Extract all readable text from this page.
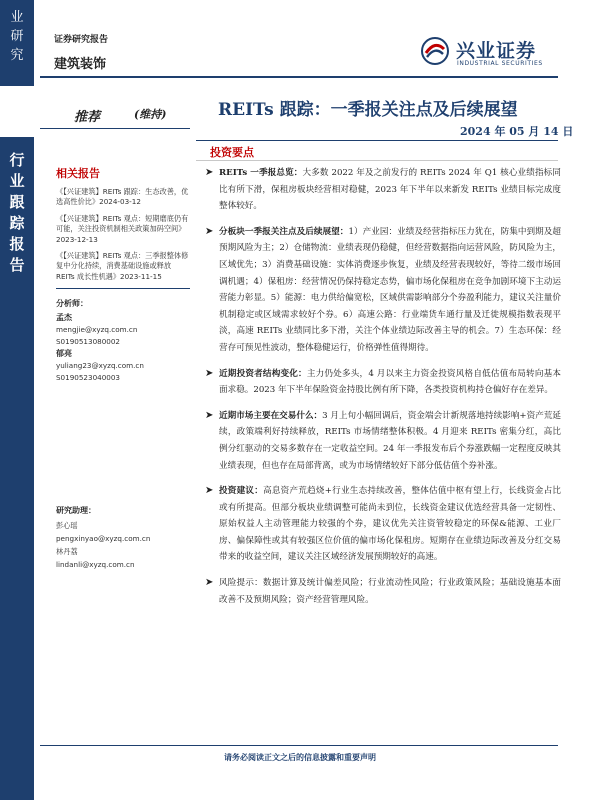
业研究
行业跟踪报告
证券研究报告
建筑装饰
兴业证券
INDUSTRIAL SECURITIES
推荐	(维持)	REITs 跟踪：一季报关注点及后续展望
2024 年 05 月 14 日
相关报告
《【兴证建筑】REITs 跟踪：生态改善，优选高性价比》2024-03-12
《【兴证建筑】REITs 观点：短期磨底仍有可能，关注投资机制相关政策加码空间》2023-12-13
《【兴证建筑】REITs 观点：三季报整体修复中分化持续，消费基础设施或释放 REITs 成长性机遇》2023-11-15
分析师：
孟杰
mengjie@xyzq.com.cn
S0190513080002
郁亮
yuliang23@xyzq.com.cn
S0190523040003
研究助理：
彭心瑶
pengxinyao@xyzq.com.cn
林丹荔
lindanli@xyzq.com.cn
投资要点
➤ REITs 一季报总览：大多数 2022 年及之前发行的 REITs 2024 年 Q1 核心业绩指标同比有所下滑，保租房板块经营相对稳健，2023 年下半年以来新发 REITs 业绩目标完成度整体较好。
➤ 分板块一季报关注点及后续展望：1）产业园：业绩及经营指标压力犹在，防集中到期及超预期风险为主；2）仓储物流：业绩表现仍稳健，但经营数据指向运营风险，防风险为主，区域优先；3）消费基础设施：实体消费逐步恢复，业绩及经营表现较好，等待二级市场回调机遇；4）保租房：经营情况仍保持稳定态势，偏市场化保租房在竞争加剧环境下主动运营能力彰显。5）能源：电力供给偏宽松，区域供需影响部分个券盈利能力，建议关注量价机制稳定或区域需求较好个券。6）高速公路：行业端货车通行量及迁徙规模指数表现平淡，高速 REITs 业绩同比多下滑，关注个体业绩边际改善主导的机会。7）生态环保：经营存可预见性波动，整体稳健运行，价格弹性值得期待。
➤ 近期投资者结构变化：主力仍处多头，4 月以来主力资金投资风格自低估值布局转向基本面求稳。2023 年下半年保险资金持股比例有所下降，各类投资机构持仓偏好存在差异。
➤ 近期市场主要在交易什么：3 月上旬小幅回调后，资金端会计新规落地持续影响+资产荒延续，政策端利好持续释放，REITs 市场情绪整体积极。4 月迎来 REITs 密集分红，高比例分红驱动的交易多数存在一定收益空间。24 年一季报发布后个券涨跌幅一定程度反映其业绩表现，但也存在局部背离，或为市场情绪较好下部分低估值个券补涨。
➤ 投资建议：高息资产荒趋烧+行业生态持续改善，整体估值中枢有望上行，长线资金占比或有所提高。但部分板块业绩调整可能尚未到位，长线资金建议优选经营具备一定韧性、原始权益人主动管理能力较强的个券，建议优先关注资管较稳定的环保&能源、工业厂房、偏保障性或其有较强区位价值的偏市场化保租房。短期存在业绩边际改善及分红交易带来的收益空间，建议关注区域经济发展预期较好的高速。
➤ 风险提示：数据计算及统计偏差风险；行业流动性风险；行业政策风险；基础设施基本面改善不及预期风险；资产经营管理风险。
请务必阅读正文之后的信息披露和重要声明
